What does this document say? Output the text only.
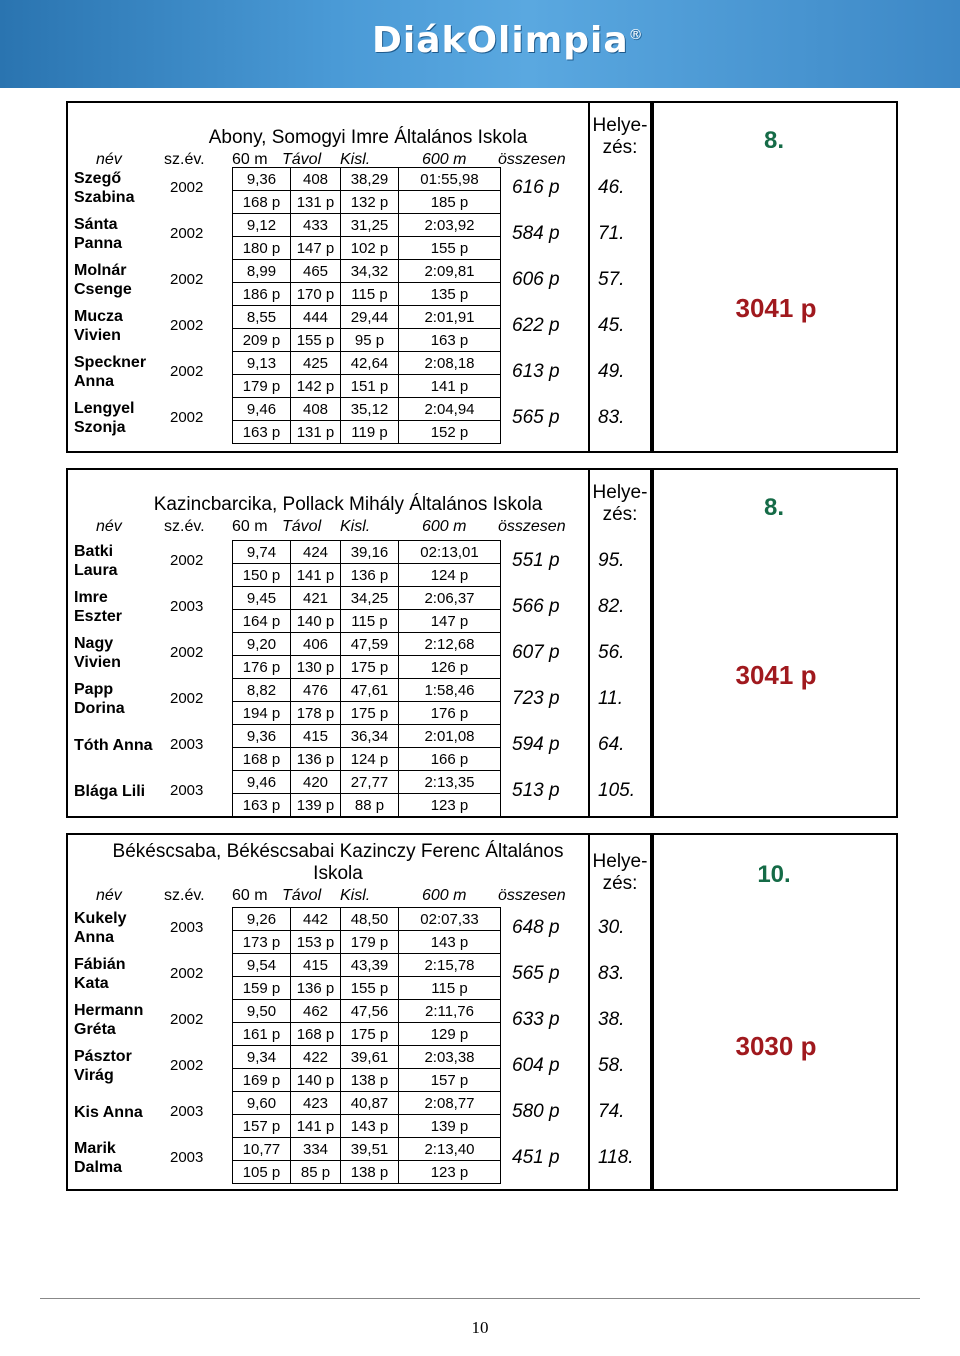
DiákOlimpia®
Abony, Somogyi Imre Általános Iskola
név	sz.év. 60 m Távol Kisl.	600 m összesen
Helye-
zés:	8.
3041 p
Szegő
Szabina
2002	9,36	408	38,29	01:55,98
168 p	131 p	132 p	185 p
616 p 46.
Sánta
Panna
2002	9,12	433	31,25	2:03,92
180 p	147 p	102 p	155 p
584 p 71.
Molnár
Csenge
2002	8,99	465	34,32	2:09,81
186 p	170 p	115 p	135 p
606 p 57.
Mucza
Vivien
2002	8,55	444	29,44	2:01,91
209 p	155 p	95 p	163 p
622 p 45.
Speckner
Anna
2002	9,13	425	42,64	2:08,18
179 p	142 p	151 p	141 p
613 p 49.
Lengyel
Szonja
2002	9,46	408	35,12	2:04,94
163 p	131 p	119 p	152 p
565 p 83.
Kazincbarcika, Pollack Mihály Általános Iskola
név	sz.év. 60 m Távol Kisl.	600 m összesen
Helye-
zés:	8.
3041 p
Batki
Laura
2002	9,74	424	39,16	02:13,01
150 p	141 p	136 p	124 p
551 p 95.
Imre
Eszter
2003	9,45	421	34,25	2:06,37
164 p	140 p	115 p	147 p
566 p 82.
Nagy
Vivien
2002	9,20	406	47,59	2:12,68
176 p	130 p	175 p	126 p
607 p 56.
Papp
Dorina
2002	8,82	476	47,61	1:58,46
194 p	178 p	175 p	176 p
723 p 11.
Tóth Anna 2003	9,36	415	36,34	2:01,08
168 p	136 p	124 p	166 p
594 p 64.
Blága Lili 2003	9,46	420	27,77	2:13,35
163 p	139 p	88 p	123 p
513 p 105.
Békéscsaba, Békéscsabai Kazinczy Ferenc Általános Iskola
név	sz.év. 60 m Távol Kisl.	600 m összesen
Helye-
zés:	10.
3030 p
Kukely
Anna
2003	9,26	442	48,50	02:07,33
173 p	153 p	179 p	143 p
648 p 30.
Fábián
Kata
2002	9,54	415	43,39	2:15,78
159 p	136 p	155 p	115 p
565 p 83.
Hermann
Gréta
2002	9,50	462	47,56	2:11,76
161 p	168 p	175 p	129 p
633 p 38.
Pásztor
Virág
2002	9,34	422	39,61	2:03,38
169 p	140 p	138 p	157 p
604 p 58.
Kis Anna 2003	9,60	423	40,87	2:08,77
157 p	141 p	143 p	139 p
580 p 74.
Marik
Dalma
2003	10,77	334	39,51	2:13,40
105 p	85 p	138 p	123 p
451 p 118.
10
